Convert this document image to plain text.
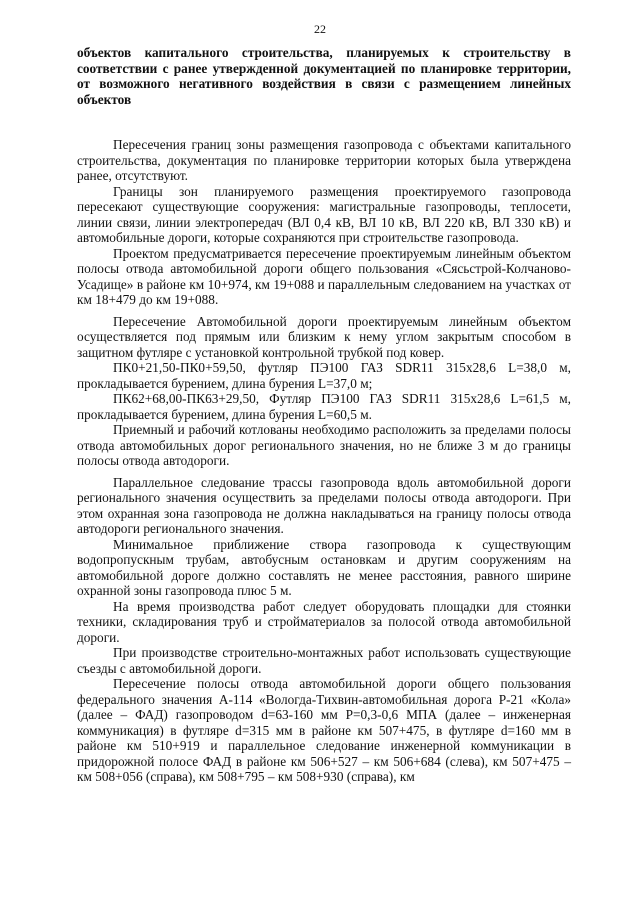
22
объектов капитального строительства, планируемых к строительству в соответствии с ранее утвержденной документацией по планировке территории, от возможного негативного воздействия в связи с размещением линейных объектов

Пересечения границ зоны размещения газопровода с объектами капитального строительства, документация по планировке территории которых была утверждена ранее, отсутствуют.

Границы зон планируемого размещения проектируемого газопровода пересекают существующие сооружения: магистральные газопроводы, теплосети, линии связи, линии электропередач (ВЛ 0,4 кВ, ВЛ 10 кВ, ВЛ 220 кВ, ВЛ 330 кВ) и автомобильные дороги, которые сохраняются при строительстве газопровода.

Проектом предусматривается пересечение проектируемым линейным объектом полосы отвода автомобильной дороги общего пользования «Сясьстрой-Колчаново-Усадище» в районе км 10+974, км 19+088 и параллельным следованием на участках от км 18+479 до км 19+088.

Пересечение Автомобильной дороги проектируемым линейным объектом осуществляется под прямым или близким к нему углом закрытым способом в защитном футляре с установкой контрольной трубкой под ковер.

ПК0+21,50-ПК0+59,50, футляр ПЭ100 ГАЗ SDR11 315х28,6 L=38,0 м, прокладывается бурением, длина бурения L=37,0 м;

ПК62+68,00-ПК63+29,50, Футляр ПЭ100 ГАЗ SDR11 315х28,6 L=61,5 м, прокладывается бурением, длина бурения L=60,5 м.

Приемный и рабочий котлованы необходимо расположить за пределами полосы отвода автомобильных дорог регионального значения, но не ближе 3 м до границы полосы отвода автодороги.

Параллельное следование трассы газопровода вдоль автомобильной дороги регионального значения осуществить за пределами полосы отвода автодороги. При этом охранная зона газопровода не должна накладываться на границу полосы отвода автодороги регионального значения.

Минимальное приближение створа газопровода к существующим водопропускным трубам, автобусным остановкам и другим сооружениям на автомобильной дороге должно составлять не менее расстояния, равного ширине охранной зоны газопровода плюс 5 м.

На время производства работ следует оборудовать площадки для стоянки техники, складирования труб и стройматериалов за полосой отвода автомобильной дороги.

При производстве строительно-монтажных работ использовать существующие съезды с автомобильной дороги.

Пересечение полосы отвода автомобильной дороги общего пользования федерального значения А-114 «Вологда-Тихвин-автомобильная дорога Р-21 «Кола» (далее – ФАД) газопроводом d=63-160 мм Р=0,3-0,6 МПА (далее – инженерная коммуникация) в футляре d=315 мм в районе км 507+475, в футляре d=160 мм в районе км 510+919 и параллельное следование инженерной коммуникации в придорожной полосе ФАД в районе км 506+527 – км 506+684 (слева), км 507+475 – км 508+056 (справа), км 508+795 – км 508+930 (справа), км
